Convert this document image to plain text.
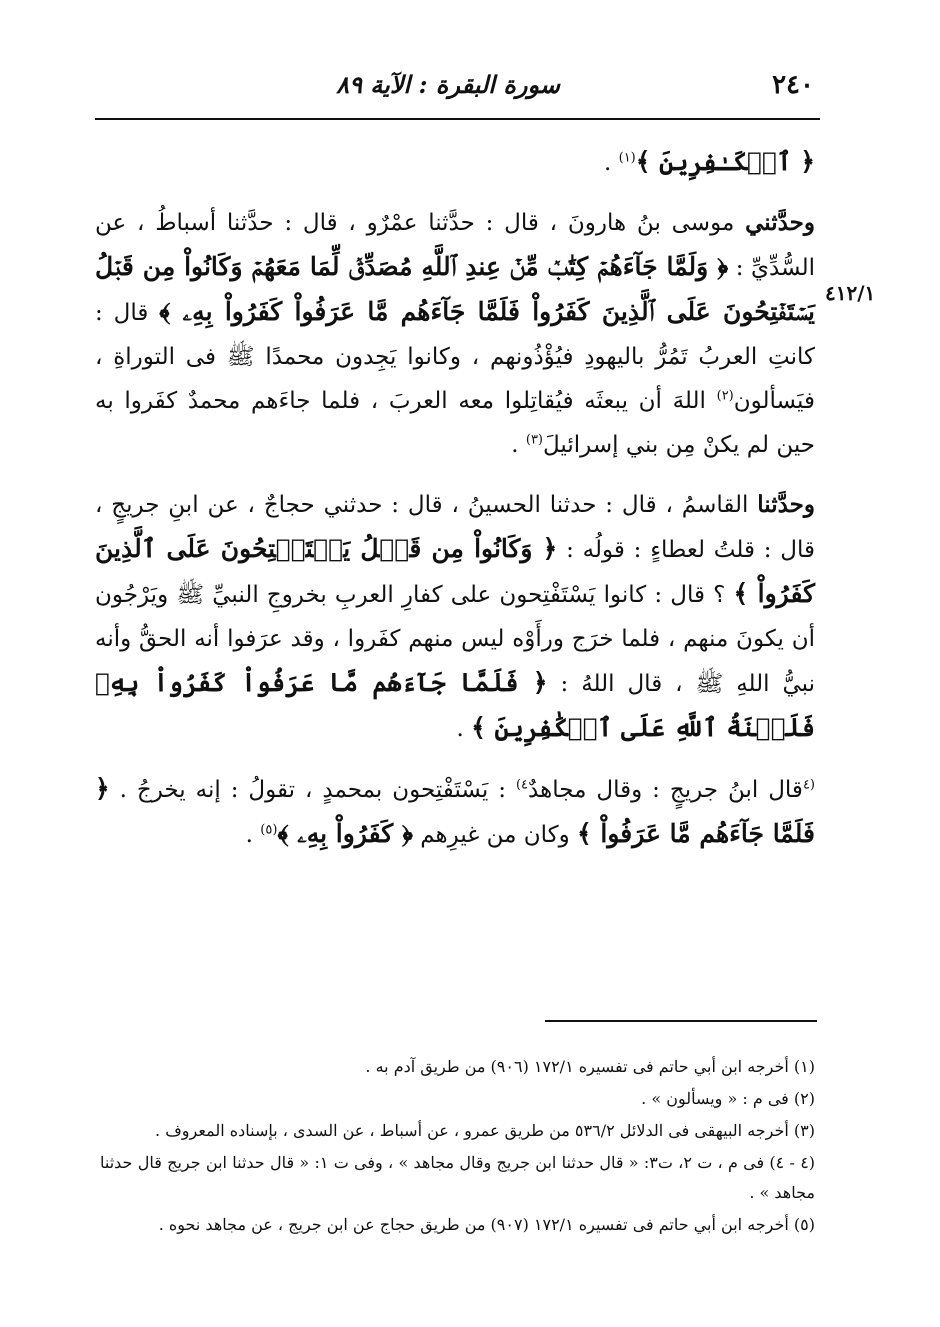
٢٤٠
سورة البقرة : الآية ٨٩
٤١٢/١

﴿ ٱلۡكَـٰفِرِينَ ﴾$^{(١)}$ .

وحدَّثني موسى بنُ هارونَ ، قال : حدَّثنا عمْرٌو ، قال : حدَّثنا أسباطُ ، عن السُّدِّيِّ : ﴿ وَلَمَّا جَآءَهُمۡ كِتَٰبٞ مِّنۡ عِندِ ٱللَّهِ مُصَدِّقٞ لِّمَا مَعَهُمۡ وَكَانُواْ مِن قَبۡلُ يَسۡتَفۡتِحُونَ عَلَى ٱلَّذِينَ كَفَرُواْ فَلَمَّا جَآءَهُم مَّا عَرَفُواْ كَفَرُواْ بِهِۦ ﴾ قال : كانتِ العربُ تَمُرُّ باليهودِ فيُؤْذُونهم ، وكانوا يَجِدون محمدًا ﷺ فى التوراةِ ، فيَسألون$^{(٢)}$ اللهَ أن يبعثَه فيُقاتِلوا معه العربَ ، فلما جاءَهم محمدٌ كفَروا به حين لم يكنْ مِن بني إسرائيلَ$^{(٣)}$ .

وحدَّثنا القاسمُ ، قال : حدثنا الحسينُ ، قال : حدثني حجاجٌ ، عن ابنِ جريجٍ ، قال : قلتُ لعطاءٍ : قولُه : ﴿ وَكَانُواْ مِن قَبۡلُ يَسۡتَفۡتِحُونَ عَلَى ٱلَّذِينَ كَفَرُواْ ﴾ ؟ قال : كانوا يَسْتَفْتِحون على كفارِ العربِ بخروجِ النبيِّ ﷺ ويَرْجُون أن يكونَ منهم ، فلما خرَج ورأَوْه ليس منهم كفَروا ، وقد عرَفوا أنه الحقُّ وأنه نبيُّ اللهِ ﷺ ، قال اللهُ : ﴿ فَلَمَّا جَآءَهُم مَّا عَرَفُواْ كَفَرُواْ بِهِۦ فَلَعۡنَةُ ٱللَّهِ عَلَى ٱلۡكَٰفِرِينَ ﴾ .

$^{(٤}$قال ابنُ جريجٍ : وقال مجاهدٌ$^{٤)}$ : يَسْتَفْتِحون بمحمدٍ ، تقولُ : إنه يخرجُ . ﴿ فَلَمَّا جَآءَهُم مَّا عَرَفُواْ ﴾ وكان من غيرِهم ﴿ كَفَرُواْ بِهِۦ ﴾$^{(٥)}$ .

(١) أخرجه ابن أبي حاتم فى تفسيره ١٧٢/١ (٩٠٦) من طريق آدم به .

(٢) فى م : « ويسألون » .

(٣) أخرجه البيهقى فى الدلائل ٥٣٦/٢ من طريق عمرو ، عن أسباط ، عن السدى ، بإسناده المعروف .

(٤ - ٤) فى م ، ت ٢، ت٣: « قال حدثنا ابن جريج وقال مجاهد » ، وفى ت ١: « قال حدثنا ابن جريج قال حدثنا مجاهد » .

(٥) أخرجه ابن أبي حاتم فى تفسيره ١٧٢/١ (٩٠٧) من طريق حجاج عن ابن جريج ، عن مجاهد نحوه .
